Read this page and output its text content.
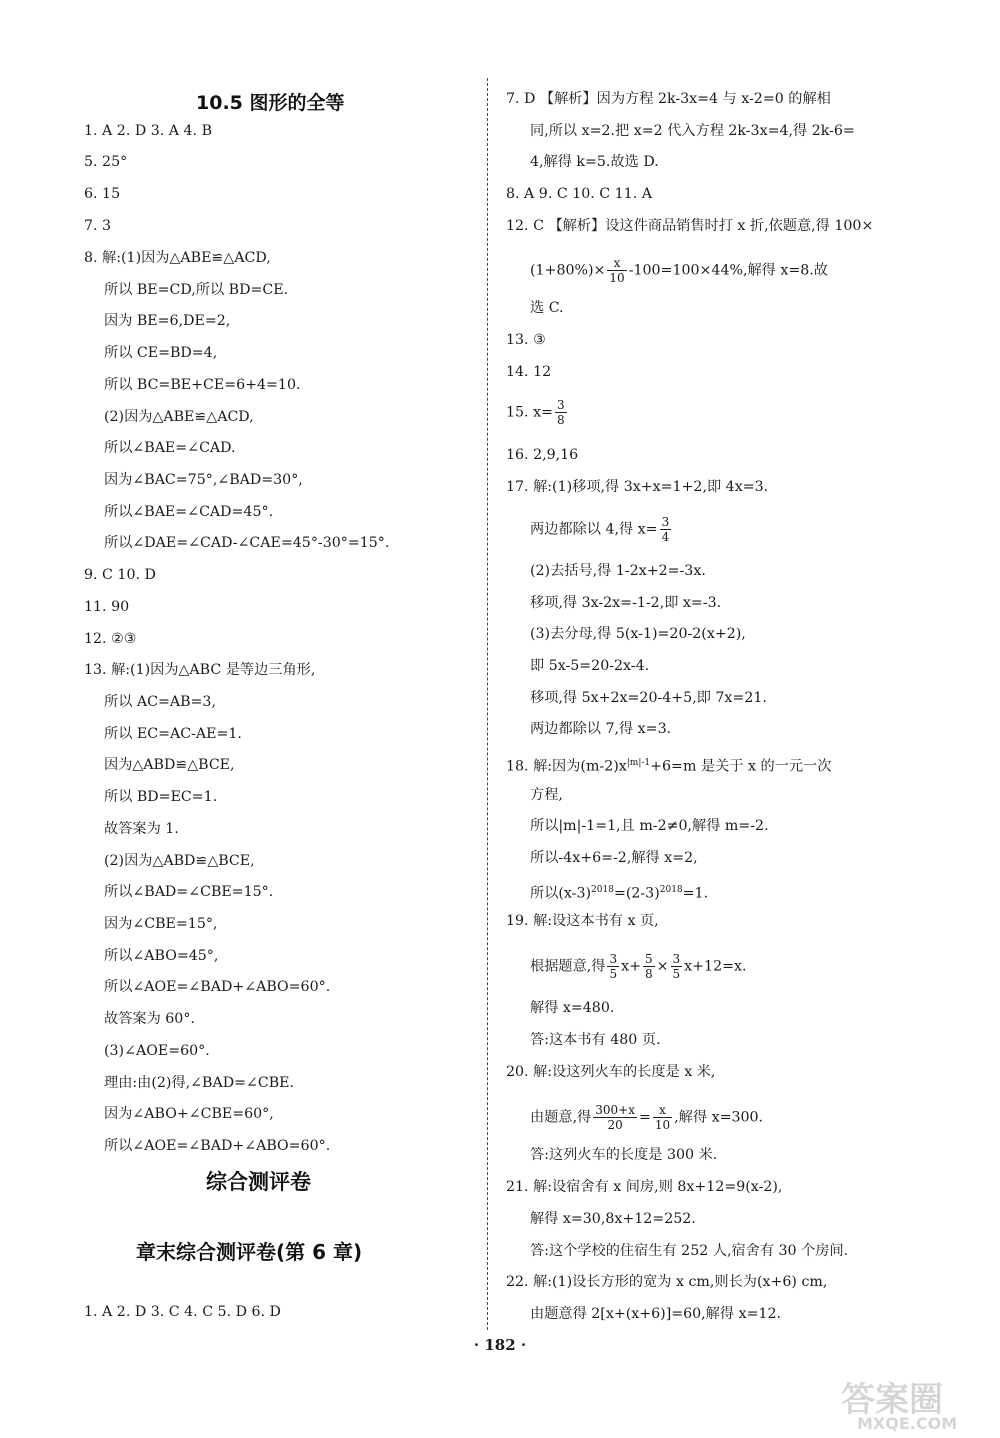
10.5 图形的全等
1. A 2. D 3. A 4. B
5. 25°
6. 15
7. 3
8. 解:(1)因为△ABE≌△ACD,
所以 BE=CD,所以 BD=CE.
因为 BE=6,DE=2,
所以 CE=BD=4,
所以 BC=BE+CE=6+4=10.
(2)因为△ABE≌△ACD,
所以∠BAE=∠CAD.
因为∠BAC=75°,∠BAD=30°,
所以∠BAE=∠CAD=45°.
所以∠DAE=∠CAD-∠CAE=45°-30°=15°.
9. C 10. D
11. 90
12. ②③
13. 解:(1)因为△ABC 是等边三角形,
所以 AC=AB=3,
所以 EC=AC-AE=1.
因为△ABD≌△BCE,
所以 BD=EC=1.
故答案为 1.
(2)因为△ABD≌△BCE,
所以∠BAD=∠CBE=15°.
因为∠CBE=15°,
所以∠ABO=45°,
所以∠AOE=∠BAD+∠ABO=60°.
故答案为 60°.
(3)∠AOE=60°.
理由:由(2)得,∠BAD=∠CBE.
因为∠ABO+∠CBE=60°,
所以∠AOE=∠BAD+∠ABO=60°.
综合测评卷
章末综合测评卷(第 6 章)
1. A 2. D 3. C 4. C 5. D 6. D
7. D 【解析】因为方程 2k-3x=4 与 x-2=0 的解相
同,所以 x=2.把 x=2 代入方程 2k-3x=4,得 2k-6=
4,解得 k=5.故选 D.
8. A 9. C 10. C 11. A
12. C 【解析】设这件商品销售时打 x 折,依题意,得 100×
$(1+80\%)\times \frac{x}{10} -100=100\times 44\%$,解得 x=8.故
选 C.
13. ③
14. 12
15. $x= \frac{3}{8}$
16. 2,9,16
17. 解:(1)移项,得 3x+x=1+2,即 4x=3.
两边都除以 4,得 $x= \frac{3}{4}$
(2)去括号,得 1-2x+2=-3x.
移项,得 3x-2x=-1-2,即 x=-3.
(3)去分母,得 5(x-1)=20-2(x+2),
即 5x-5=20-2x-4.
移项,得 5x+2x=20-4+5,即 7x=21.
两边都除以 7,得 x=3.
18. 解:因为$(m-2)x^{|m|-1}+6=m$ 是关于 x 的一元一次
方程,
所以|m|-1=1,且 m-2≠0,解得 m=-2.
所以-4x+6=-2,解得 x=2,
所以$(x-3)^{2018}=(2-3)^{2018}=1$.
19. 解:设这本书有 x 页,
根据题意,得 $\frac{3}{5} x+ \frac{5}{8} \times \frac{3}{5} x+12=x$.
解得 x=480.
答:这本书有 480 页.
20. 解:设这列火车的长度是 x 米,
由题意,得 $\frac{300+x}{20} = \frac{x}{10}$ ,解得 x=300.
答:这列火车的长度是 300 米.
21. 解:设宿舍有 x 间房,则 8x+12=9(x-2),
解得 x=30,8x+12=252.
答:这个学校的住宿生有 252 人,宿舍有 30 个房间.
22. 解:(1)设长方形的宽为 x cm,则长为(x+6) cm,
由题意得 2[x+(x+6)]=60,解得 x=12.
· 182 ·
答案圈
MXQE.COM
